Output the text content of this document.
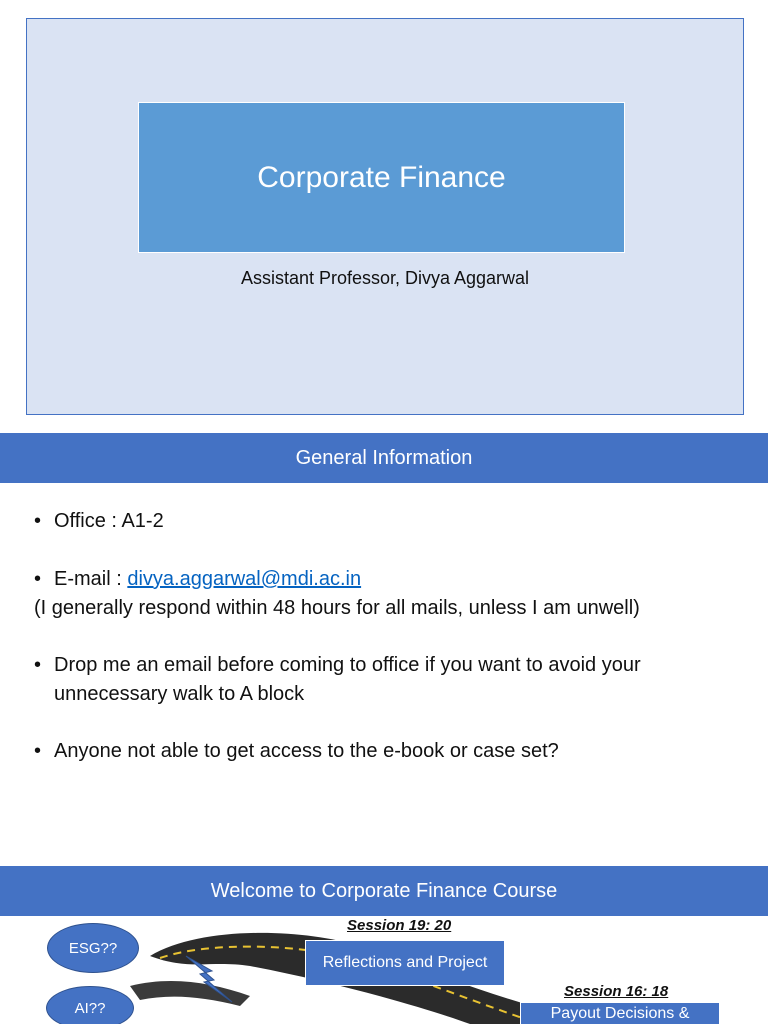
Corporate Finance
Assistant Professor, Divya Aggarwal
General Information
• Office : A1-2
• E-mail : divya.aggarwal@mdi.ac.in
(I generally respond within 48 hours for all mails, unless I am unwell)
• Drop me an email before coming to office if you want to avoid your
unnecessary walk to A block
• Anyone not able to get access to the e-book or case set?
Welcome to Corporate Finance Course
ESG??
AI??
Session 19: 20
Reflections and Project
Session 16: 18
Payout Decisions &
